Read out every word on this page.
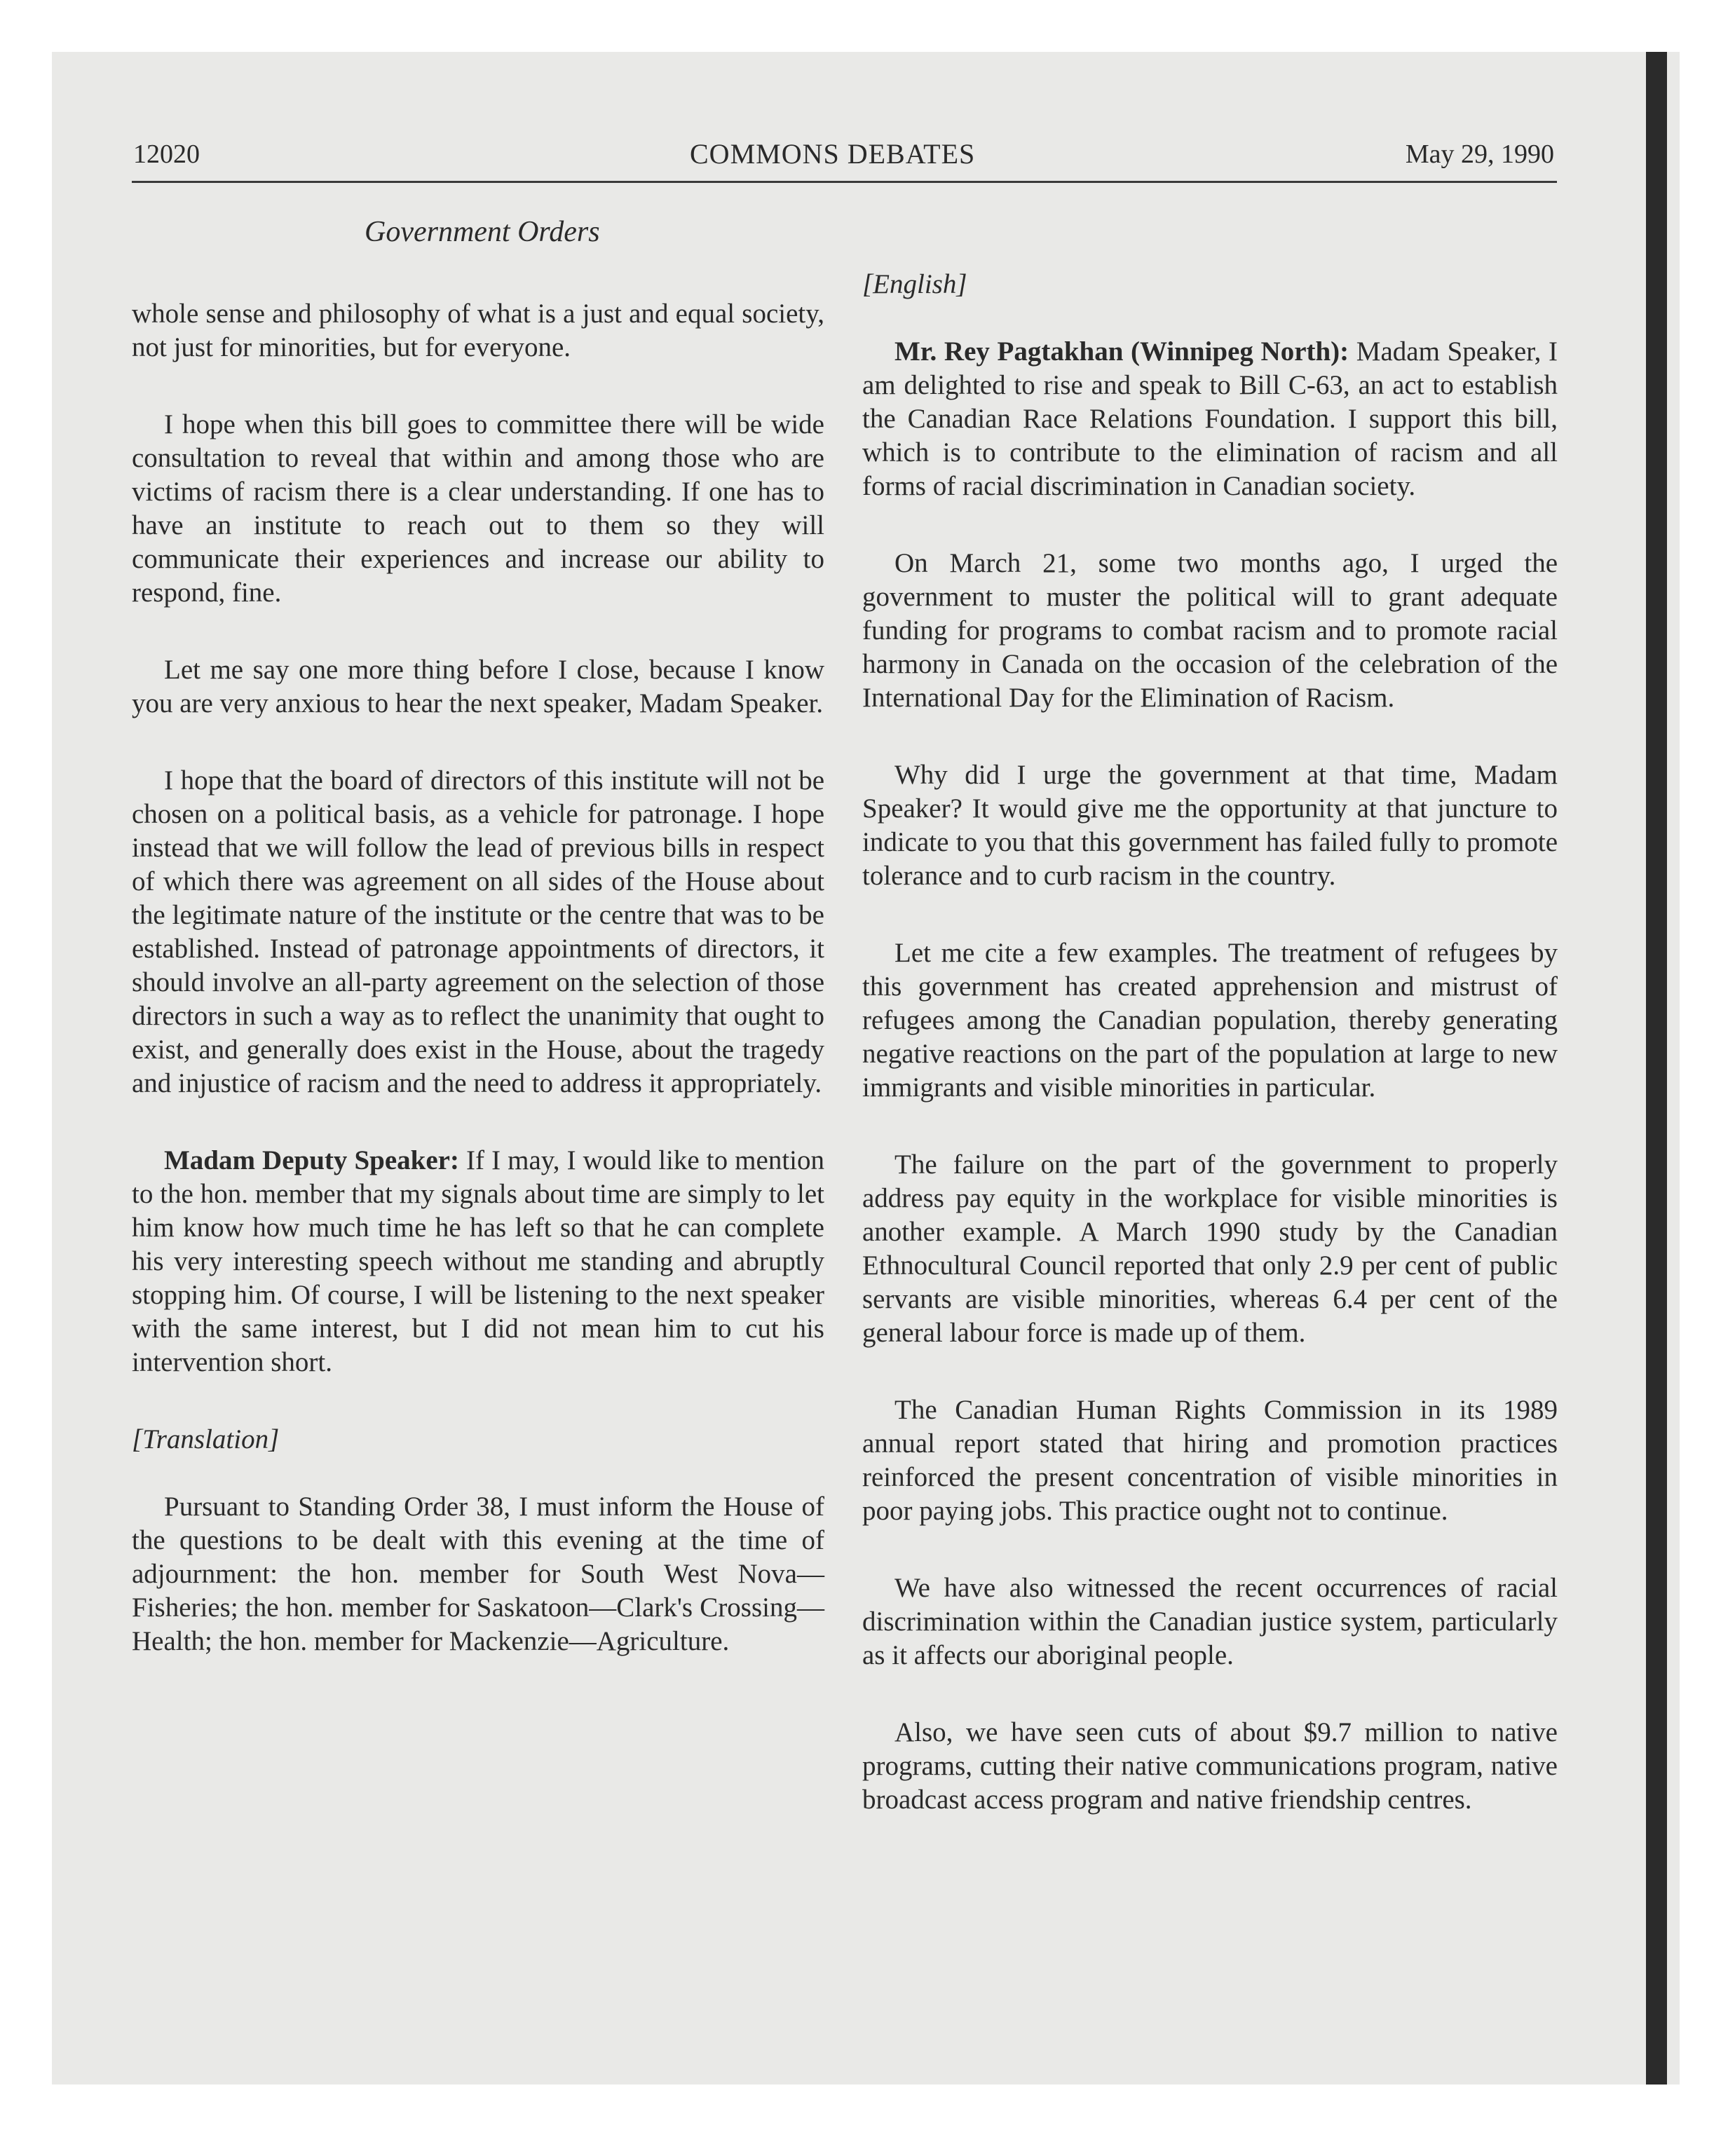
12020	COMMONS DEBATES	May 29, 1990
Government Orders

whole sense and philosophy of what is a just and equal society, not just for minorities, but for everyone.

I hope when this bill goes to committee there will be wide consultation to reveal that within and among those who are victims of racism there is a clear understanding. If one has to have an institute to reach out to them so they will communicate their experiences and increase our ability to respond, fine.

Let me say one more thing before I close, because I know you are very anxious to hear the next speaker, Madam Speaker.

I hope that the board of directors of this institute will not be chosen on a political basis, as a vehicle for patronage. I hope instead that we will follow the lead of previous bills in respect of which there was agreement on all sides of the House about the legitimate nature of the institute or the centre that was to be established. Instead of patronage appointments of directors, it should involve an all-party agreement on the selection of those directors in such a way as to reflect the unanimity that ought to exist, and generally does exist in the House, about the tragedy and injustice of racism and the need to address it appropriately.

Madam Deputy Speaker: If I may, I would like to mention to the hon. member that my signals about time are simply to let him know how much time he has left so that he can complete his very interesting speech without me standing and abruptly stopping him. Of course, I will be listening to the next speaker with the same interest, but I did not mean him to cut his intervention short.

[Translation]

Pursuant to Standing Order 38, I must inform the House of the questions to be dealt with this evening at the time of adjournment: the hon. member for South West Nova—Fisheries; the hon. member for Saskatoon—Clark's Crossing—Health; the hon. member for Mackenzie—Agriculture.

[English]

Mr. Rey Pagtakhan (Winnipeg North): Madam Speaker, I am delighted to rise and speak to Bill C-63, an act to establish the Canadian Race Relations Foundation. I support this bill, which is to contribute to the elimination of racism and all forms of racial discrimination in Canadian society.

On March 21, some two months ago, I urged the government to muster the political will to grant adequate funding for programs to combat racism and to promote racial harmony in Canada on the occasion of the celebration of the International Day for the Elimination of Racism.

Why did I urge the government at that time, Madam Speaker? It would give me the opportunity at that juncture to indicate to you that this government has failed fully to promote tolerance and to curb racism in the country.

Let me cite a few examples. The treatment of refugees by this government has created apprehension and mistrust of refugees among the Canadian population, thereby generating negative reactions on the part of the population at large to new immigrants and visible minorities in particular.

The failure on the part of the government to properly address pay equity in the workplace for visible minorities is another example. A March 1990 study by the Canadian Ethnocultural Council reported that only 2.9 per cent of public servants are visible minorities, whereas 6.4 per cent of the general labour force is made up of them.

The Canadian Human Rights Commission in its 1989 annual report stated that hiring and promotion practices reinforced the present concentration of visible minorities in poor paying jobs. This practice ought not to continue.

We have also witnessed the recent occurrences of racial discrimination within the Canadian justice system, particularly as it affects our aboriginal people.

Also, we have seen cuts of about $9.7 million to native programs, cutting their native communications program, native broadcast access program and native friendship centres.
